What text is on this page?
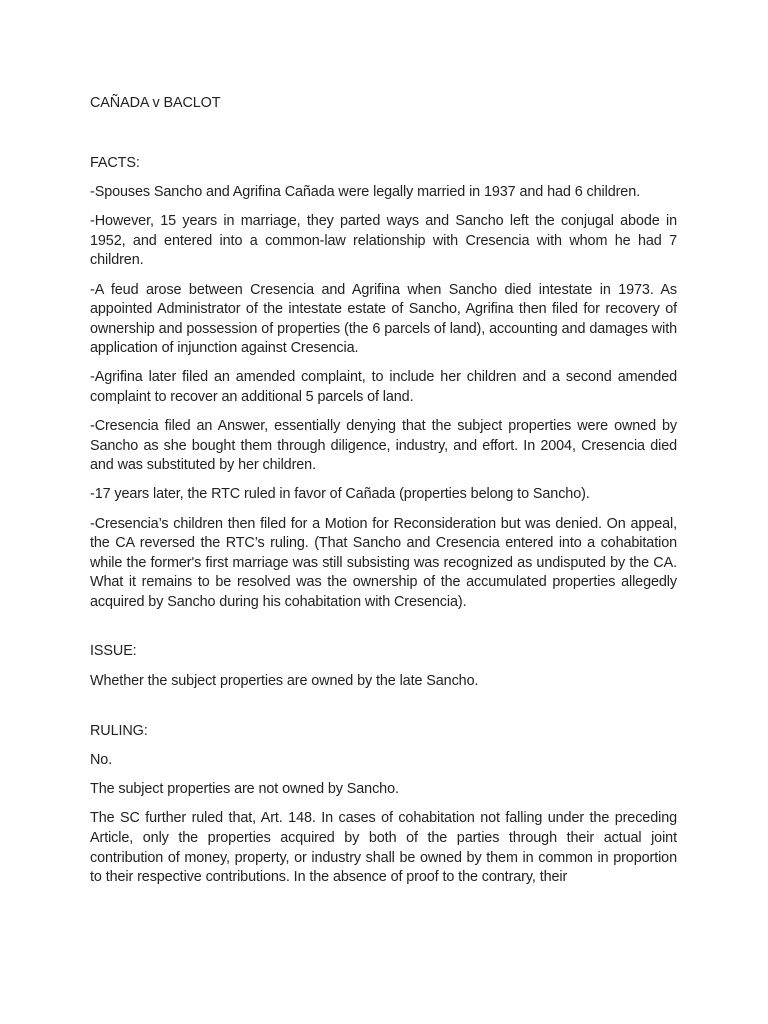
CAÑADA v BACLOT

FACTS:

-Spouses Sancho and Agrifina Cañada were legally married in 1937 and had 6 children.

-However, 15 years in marriage, they parted ways and Sancho left the conjugal abode in 1952, and entered into a common-law relationship with Cresencia with whom he had 7 children.

-A feud arose between Cresencia and Agrifina when Sancho died intestate in 1973. As appointed Administrator of the intestate estate of Sancho, Agrifina then filed for recovery of ownership and possession of properties (the 6 parcels of land), accounting and damages with application of injunction against Cresencia.

-Agrifina later filed an amended complaint, to include her children and a second amended complaint to recover an additional 5 parcels of land.

-Cresencia filed an Answer, essentially denying that the subject properties were owned by Sancho as she bought them through diligence, industry, and effort. In 2004, Cresencia died and was substituted by her children.

-17 years later, the RTC ruled in favor of Cañada (properties belong to Sancho).

-Cresencia’s children then filed for a Motion for Reconsideration but was denied. On appeal, the CA reversed the RTC’s ruling. (That Sancho and Cresencia entered into a cohabitation while the former's first marriage was still subsisting was recognized as undisputed by the CA. What it remains to be resolved was the ownership of the accumulated properties allegedly acquired by Sancho during his cohabitation with Cresencia).

ISSUE:

Whether the subject properties are owned by the late Sancho.

RULING:

No.

The subject properties are not owned by Sancho.

The SC further ruled that, Art. 148. In cases of cohabitation not falling under the preceding Article, only the properties acquired by both of the parties through their actual joint contribution of money, property, or industry shall be owned by them in common in proportion to their respective contributions. In the absence of proof to the contrary, their
